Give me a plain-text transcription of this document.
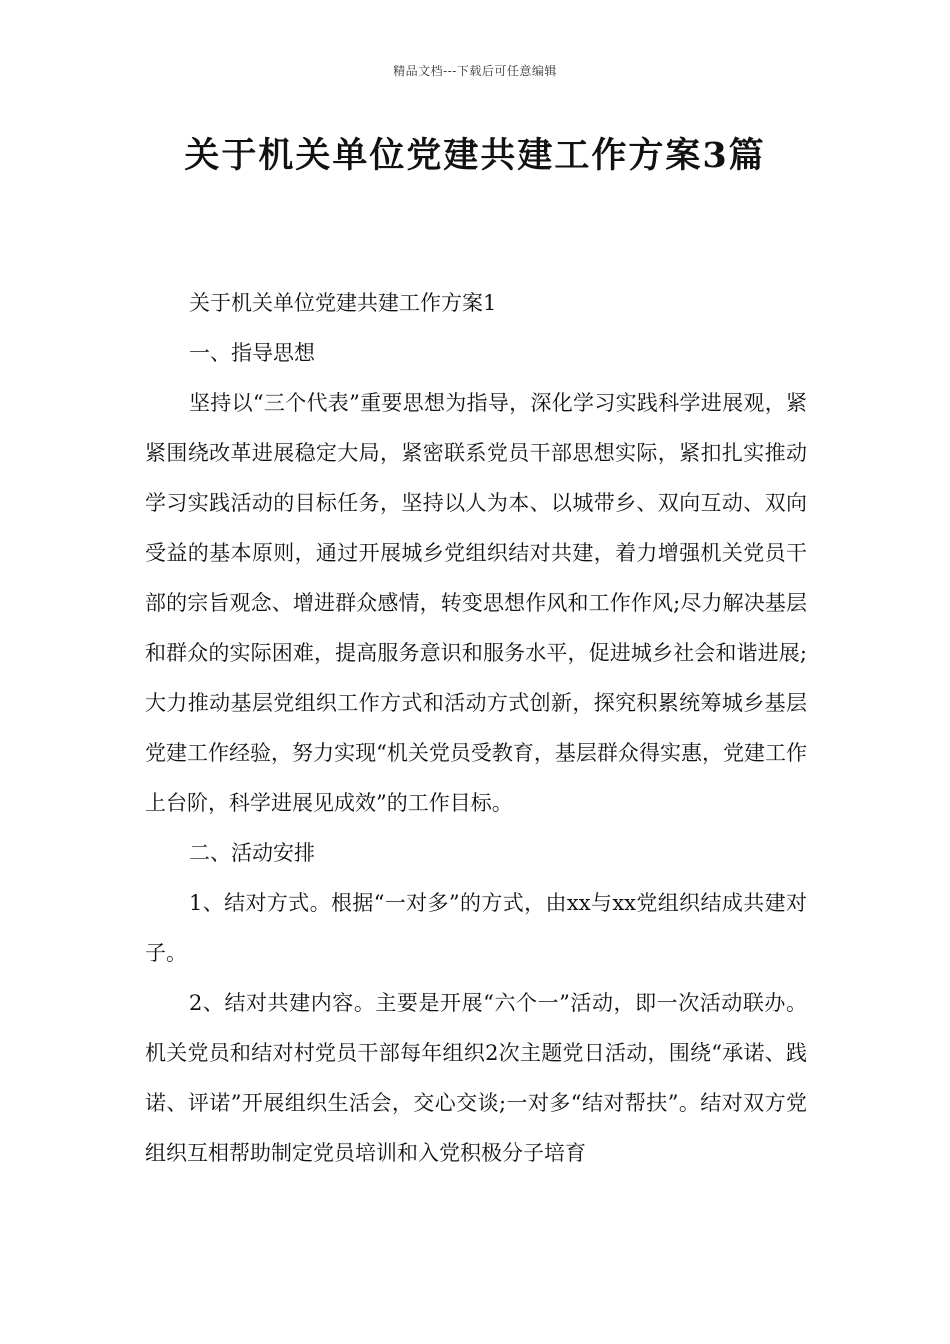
精品文档---下载后可任意编辑
关于机关单位党建共建工作方案3篇

关于机关单位党建共建工作方案1

一、指导思想

坚持以“三个代表”重要思想为指导，深化学习实践科学进展观，紧紧围绕改革进展稳定大局，紧密联系党员干部思想实际，紧扣扎实推动学习实践活动的目标任务，坚持以人为本、以城带乡、双向互动、双向受益的基本原则，通过开展城乡党组织结对共建，着力增强机关党员干部的宗旨观念、增进群众感情，转变思想作风和工作作风;尽力解决基层和群众的实际困难，提高服务意识和服务水平，促进城乡社会和谐进展;大力推动基层党组织工作方式和活动方式创新，探究积累统筹城乡基层党建工作经验，努力实现“机关党员受教育，基层群众得实惠，党建工作上台阶，科学进展见成效”的工作目标。

二、活动安排

1、结对方式。根据“一对多”的方式，由xx与xx党组织结成共建对子。

2、结对共建内容。主要是开展“六个一”活动，即一次活动联办。机关党员和结对村党员干部每年组织2次主题党日活动，围绕“承诺、践诺、评诺”开展组织生活会，交心交谈;一对多“结对帮扶”。结对双方党组织互相帮助制定党员培训和入党积极分子培育
